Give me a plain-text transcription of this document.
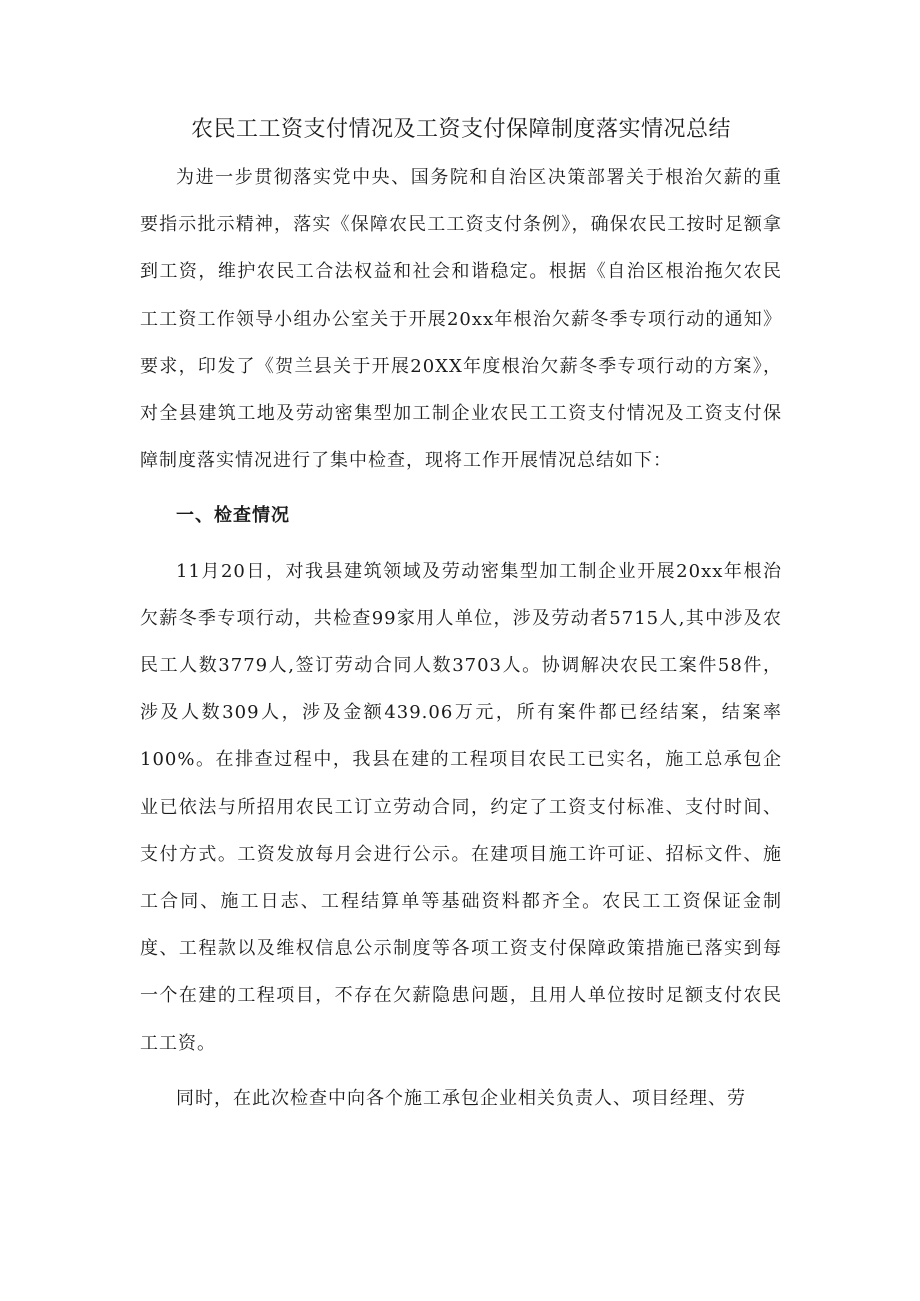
农民工工资支付情况及工资支付保障制度落实情况总结

为进一步贯彻落实党中央、国务院和自治区决策部署关于根治欠薪的重要指示批示精神，落实《保障农民工工资支付条例》，确保农民工按时足额拿到工资，维护农民工合法权益和社会和谐稳定。根据《自治区根治拖欠农民工工资工作领导小组办公室关于开展20xx年根治欠薪冬季专项行动的通知》要求，印发了《贺兰县关于开展20XX年度根治欠薪冬季专项行动的方案》，对全县建筑工地及劳动密集型加工制企业农民工工资支付情况及工资支付保障制度落实情况进行了集中检查，现将工作开展情况总结如下：

一、检查情况

11月20日，对我县建筑领域及劳动密集型加工制企业开展20xx年根治欠薪冬季专项行动，共检查99家用人单位，涉及劳动者5715人,其中涉及农民工人数3779人,签订劳动合同人数3703人。协调解决农民工案件58件，涉及人数309人，涉及金额439.06万元，所有案件都已经结案，结案率100%。在排查过程中，我县在建的工程项目农民工已实名，施工总承包企业已依法与所招用农民工订立劳动合同，约定了工资支付标准、支付时间、支付方式。工资发放每月会进行公示。在建项目施工许可证、招标文件、施工合同、施工日志、工程结算单等基础资料都齐全。农民工工资保证金制度、工程款以及维权信息公示制度等各项工资支付保障政策措施已落实到每一个在建的工程项目，不存在欠薪隐患问题，且用人单位按时足额支付农民工工资。

同时，在此次检查中向各个施工承包企业相关负责人、项目经理、劳
